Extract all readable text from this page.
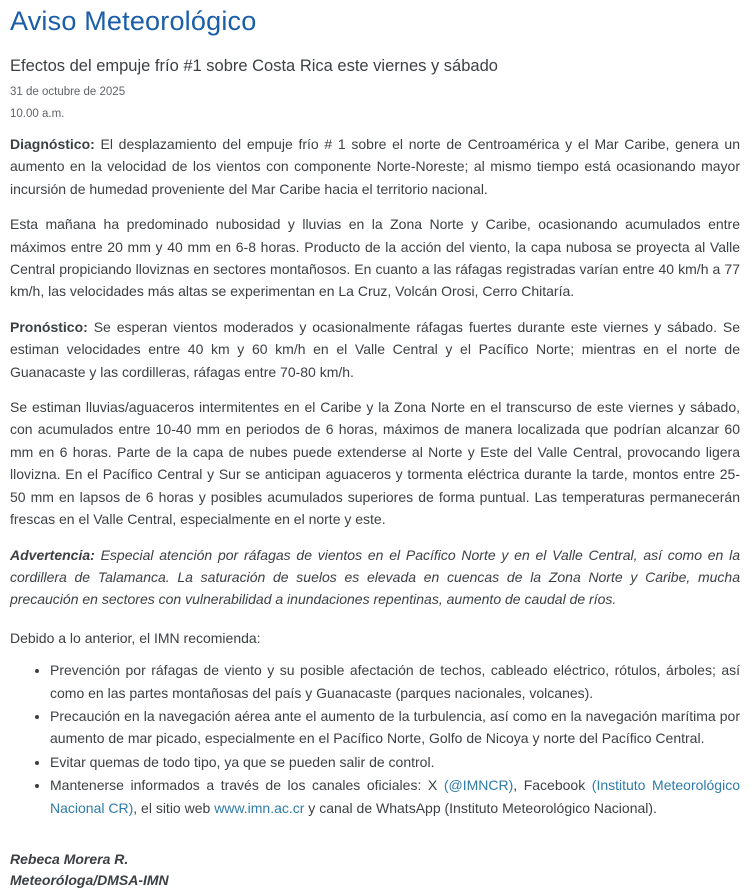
Aviso Meteorológico
Efectos del empuje frío #1 sobre Costa Rica este viernes y sábado
31 de octubre de 2025
10.00 a.m.

Diagnóstico: El desplazamiento del empuje frío # 1 sobre el norte de Centroamérica y el Mar Caribe, genera un aumento en la velocidad de los vientos con componente Norte-Noreste; al mismo tiempo está ocasionando mayor incursión de humedad proveniente del Mar Caribe hacia el territorio nacional.

Esta mañana ha predominado nubosidad y lluvias en la Zona Norte y Caribe, ocasionando acumulados entre máximos entre 20 mm y 40 mm en 6-8 horas. Producto de la acción del viento, la capa nubosa se proyecta al Valle Central propiciando lloviznas en sectores montañosos. En cuanto a las ráfagas registradas varían entre 40 km/h a 77 km/h, las velocidades más altas se experimentan en La Cruz, Volcán Orosi, Cerro Chitaría.

Pronóstico: Se esperan vientos moderados y ocasionalmente ráfagas fuertes durante este viernes y sábado. Se estiman velocidades entre 40 km y 60 km/h en el Valle Central y el Pacífico Norte; mientras en el norte de Guanacaste y las cordilleras, ráfagas entre 70-80 km/h.

Se estiman lluvias/aguaceros intermitentes en el Caribe y la Zona Norte en el transcurso de este viernes y sábado, con acumulados entre 10-40 mm en periodos de 6 horas, máximos de manera localizada que podrían alcanzar 60 mm en 6 horas. Parte de la capa de nubes puede extenderse al Norte y Este del Valle Central, provocando ligera llovizna. En el Pacífico Central y Sur se anticipan aguaceros y tormenta eléctrica durante la tarde, montos entre 25-50 mm en lapsos de 6 horas y posibles acumulados superiores de forma puntual. Las temperaturas permanecerán frescas en el Valle Central, especialmente en el norte y este.

Advertencia: Especial atención por ráfagas de vientos en el Pacífico Norte y en el Valle Central, así como en la cordillera de Talamanca. La saturación de suelos es elevada en cuencas de la Zona Norte y Caribe, mucha precaución en sectores con vulnerabilidad a inundaciones repentinas, aumento de caudal de ríos.

Debido a lo anterior, el IMN recomienda:

• Prevención por ráfagas de viento y su posible afectación de techos, cableado eléctrico, rótulos, árboles; así como en las partes montañosas del país y Guanacaste (parques nacionales, volcanes).
• Precaución en la navegación aérea ante el aumento de la turbulencia, así como en la navegación marítima por aumento de mar picado, especialmente en el Pacífico Norte, Golfo de Nicoya y norte del Pacífico Central.
• Evitar quemas de todo tipo, ya que se pueden salir de control.
• Mantenerse informados a través de los canales oficiales: X (@IMNCR), Facebook (Instituto Meteorológico Nacional CR), el sitio web www.imn.ac.cr y canal de WhatsApp (Instituto Meteorológico Nacional).
Rebeca Morera R.
Meteoróloga/DMSA-IMN
